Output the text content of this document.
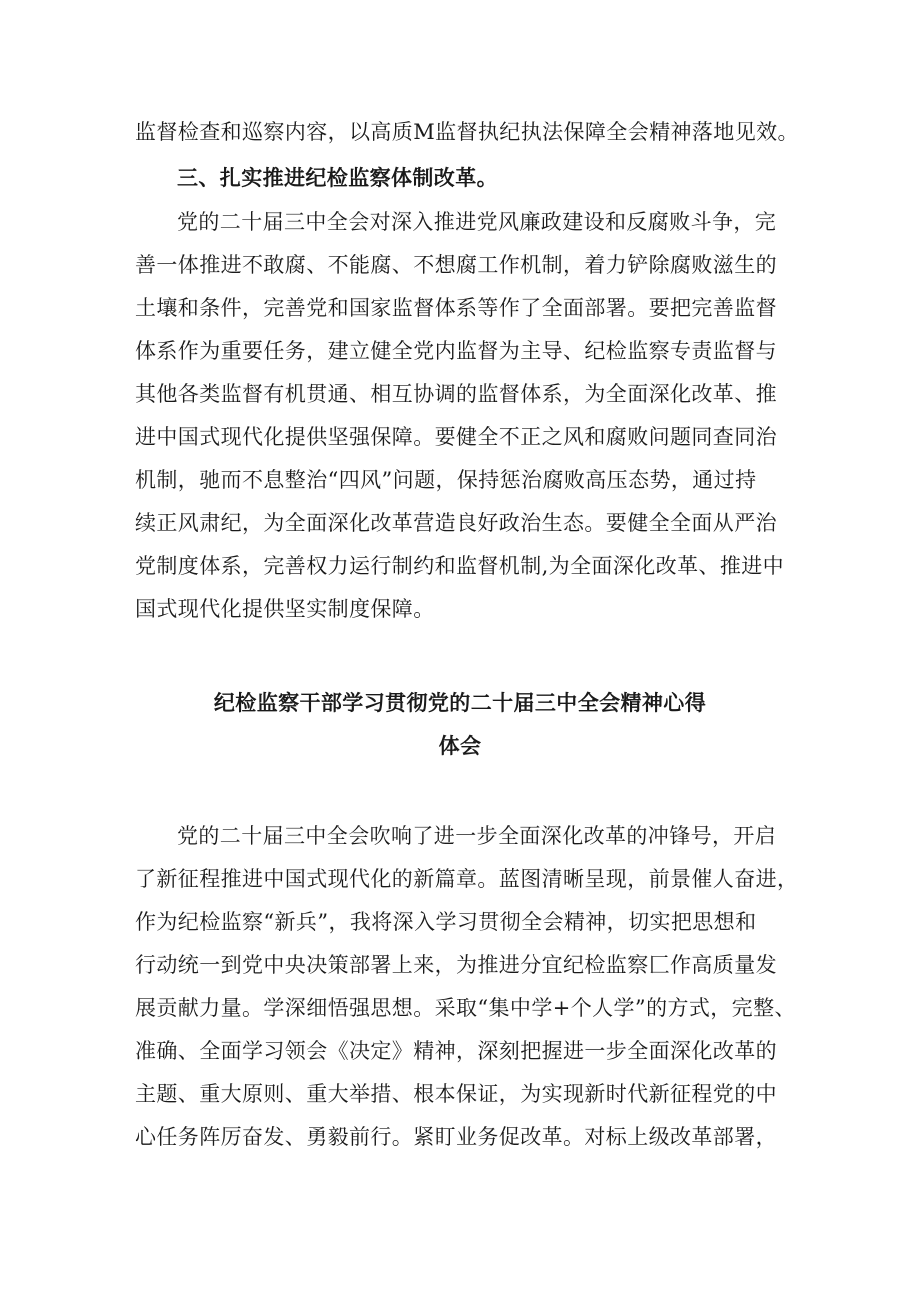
监督检查和巡察内容，以高质M监督执纪执法保障全会精神落地见效。
三、扎实推进纪检监察体制改革。
党的二十届三中全会对深入推进党风廉政建设和反腐败斗争，完
善一体推进不敢腐、不能腐、不想腐工作机制，着力铲除腐败滋生的
土壤和条件，完善党和国家监督体系等作了全面部署。要把完善监督
体系作为重要任务，建立健全党内监督为主导、纪检监察专责监督与
其他各类监督有机贯通、相互协调的监督体系，为全面深化改革、推
进中国式现代化提供坚强保障。要健全不正之风和腐败问题同查同治
机制，驰而不息整治“四风”问题，保持惩治腐败高压态势，通过持
续正风肃纪，为全面深化改革营造良好政治生态。要健全全面从严治
党制度体系，完善权力运行制约和监督机制,为全面深化改革、推进中
国式现代化提供坚实制度保障。
纪检监察干部学习贯彻党的二十届三中全会精神心得
体会
党的二十届三中全会吹响了进一步全面深化改革的冲锋号，开启
了新征程推进中国式现代化的新篇章。蓝图清晰呈现，前景催人奋进，
作为纪检监察“新兵”，我将深入学习贯彻全会精神，切实把思想和
行动统一到党中央决策部署上来，为推进分宜纪检监察匚作高质量发
展贡献力量。学深细悟强思想。采取“集中学+个人学”的方式，完整、
准确、全面学习领会《决定》精神，深刻把握进一步全面深化改革的
主题、重大原则、重大举措、根本保证，为实现新时代新征程党的中
心任务阵厉奋发、勇毅前行。紧盯业务促改革。对标上级改革部署，
